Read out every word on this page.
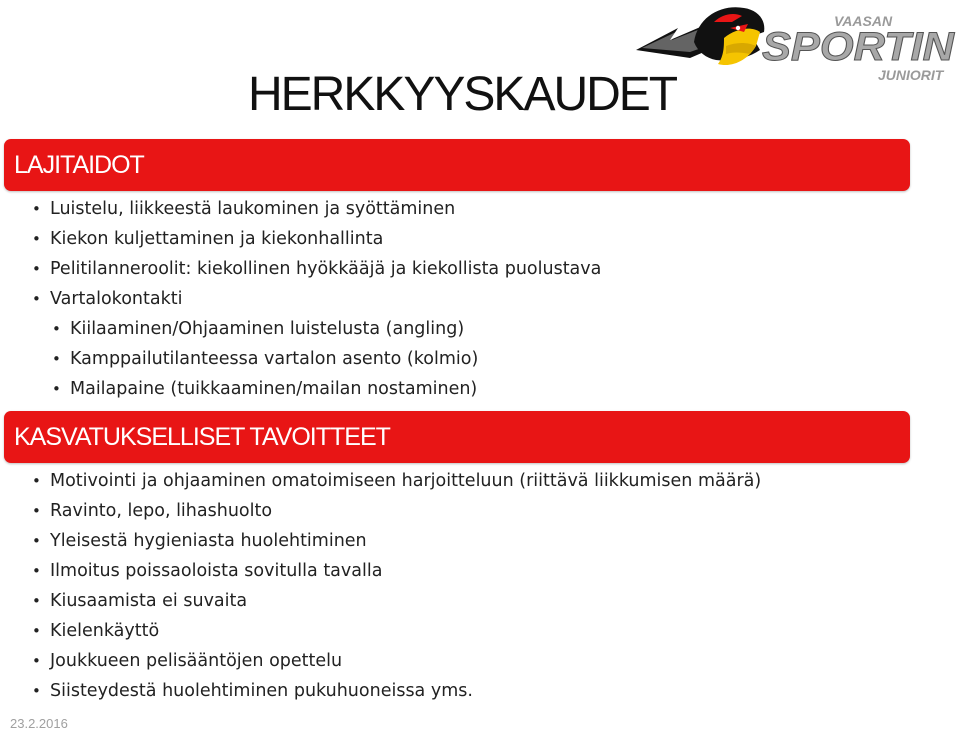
VAASAN
SPORTIN
JUNIORIT
HERKKYYSKAUDET
LAJITAIDOT
• Luistelu, liikkeestä laukominen ja syöttäminen
• Kiekon kuljettaminen ja kiekonhallinta
• Pelitilanneroolit: kiekollinen hyökkääjä ja kiekollista puolustava
• Vartalokontakti
• Kiilaaminen/Ohjaaminen luistelusta (angling)
• Kamppailutilanteessa vartalon asento (kolmio)
• Mailapaine (tuikkaaminen/mailan nostaminen)
KASVATUKSELLISET TAVOITTEET
• Motivointi ja ohjaaminen omatoimiseen harjoitteluun (riittävä liikkumisen määrä)
• Ravinto, lepo, lihashuolto
• Yleisestä hygieniasta huolehtiminen
• Ilmoitus poissaoloista sovitulla tavalla
• Kiusaamista ei suvaita
• Kielenkäyttö
• Joukkueen pelisääntöjen opettelu
• Siisteydestä huolehtiminen pukuhuoneissa yms.
23.2.2016
